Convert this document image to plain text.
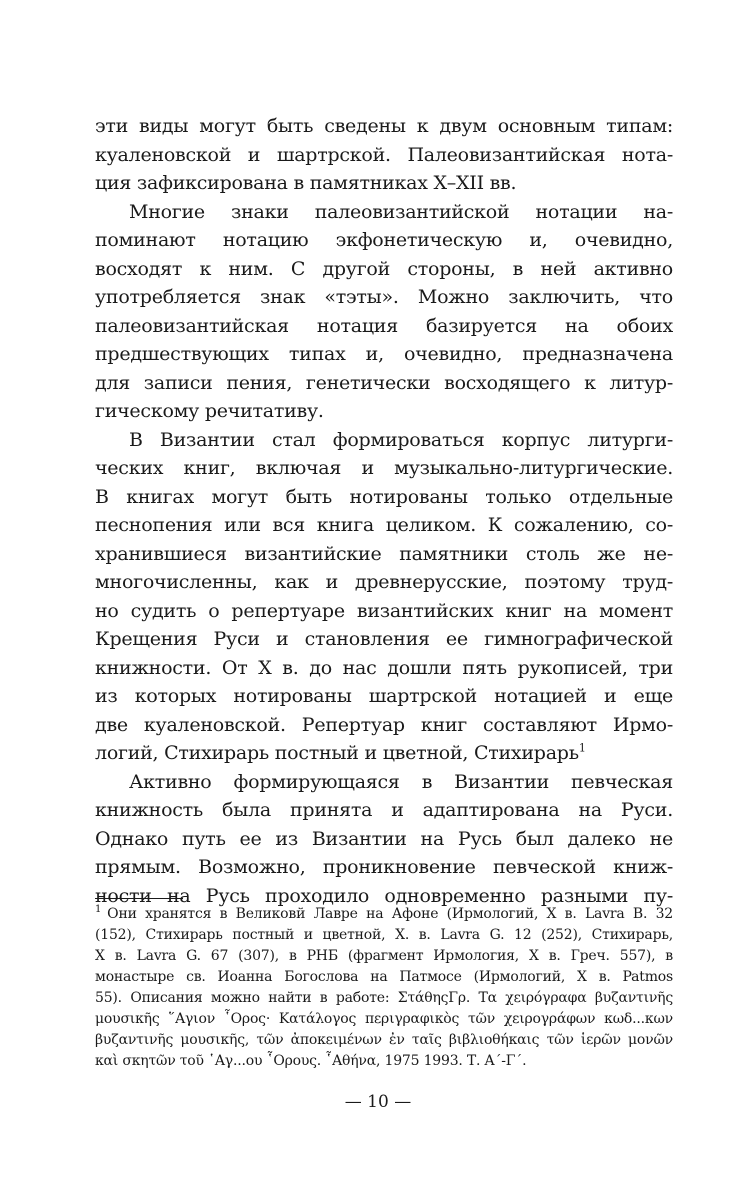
эти виды могут быть сведены к двум основным типам:
куаленовской и шартрской. Палеовизантийская нота-
ция зафиксирована в памятниках X–XII вв.
Многие знаки палеовизантийской нотации на-
поминают нотацию экфонетическую и, очевидно,
восходят к ним. С другой стороны, в ней активно
употребляется знак «тэты». Можно заключить, что
палеовизантийская нотация базируется на обоих
предшествующих типах и, очевидно, предназначена
для записи пения, генетически восходящего к литур-
гическому речитативу.
В Византии стал формироваться корпус литурги-
ческих книг, включая и музыкально-литургические.
В книгах могут быть нотированы только отдельные
песнопения или вся книга целиком. К сожалению, со-
хранившиеся византийские памятники столь же не-
многочисленны, как и древнерусские, поэтому труд-
но судить о репертуаре византийских книг на момент
Крещения Руси и становления ее гимнографической
книжности. От X в. до нас дошли пять рукописей, три
из которых нотированы шартрской нотацией и еще
две куаленовской. Репертуар книг составляют Ирмо-
логий, Стихирарь постный и цветной, Стихирарь$^1$
Активно формирующаяся в Византии певческая
книжность была принята и адаптирована на Руси.
Однако путь ее из Византии на Русь был далеко не
прямым. Возможно, проникновение певческой книж-
ности на Русь проходило одновременно разными пу-
$^1$ Они хранятся в Великовй Лавре на Афоне (Ирмологий, X в. Lavra B. 32
(152), Стихирарь постный и цветной, X. в. Lavra G. 12 (252), Стихирарь,
X в. Lavra G. 67 (307), в РНБ (фрагмент Ирмология, X в. Греч. 557), в
монастыре св. Иоанна Богослова на Патмосе (Ирмологий, X в. Patmos
55). Описания можно найти в работе: ΣτάθηςΓρ. Τα χειρόγραφα βυζαντινῆς
μουσικῆς ῞Αγιον ῟Ορος· Κατάλογος περιγραφικὸς τῶν χειρογράφων κωδ...κων
βυζαντινῆς μουσικῆς, τῶν ἀποκειμένων ἐν ταῖς βιβλιοθήκαις τῶν ἱερῶν μονῶν
καὶ σκητῶν τοῦ ῾Αγ...ου ῟Ορους. ῟Αθήνα, 1975 1993. Τ. Α΄-Γ΄.
— 10 —
